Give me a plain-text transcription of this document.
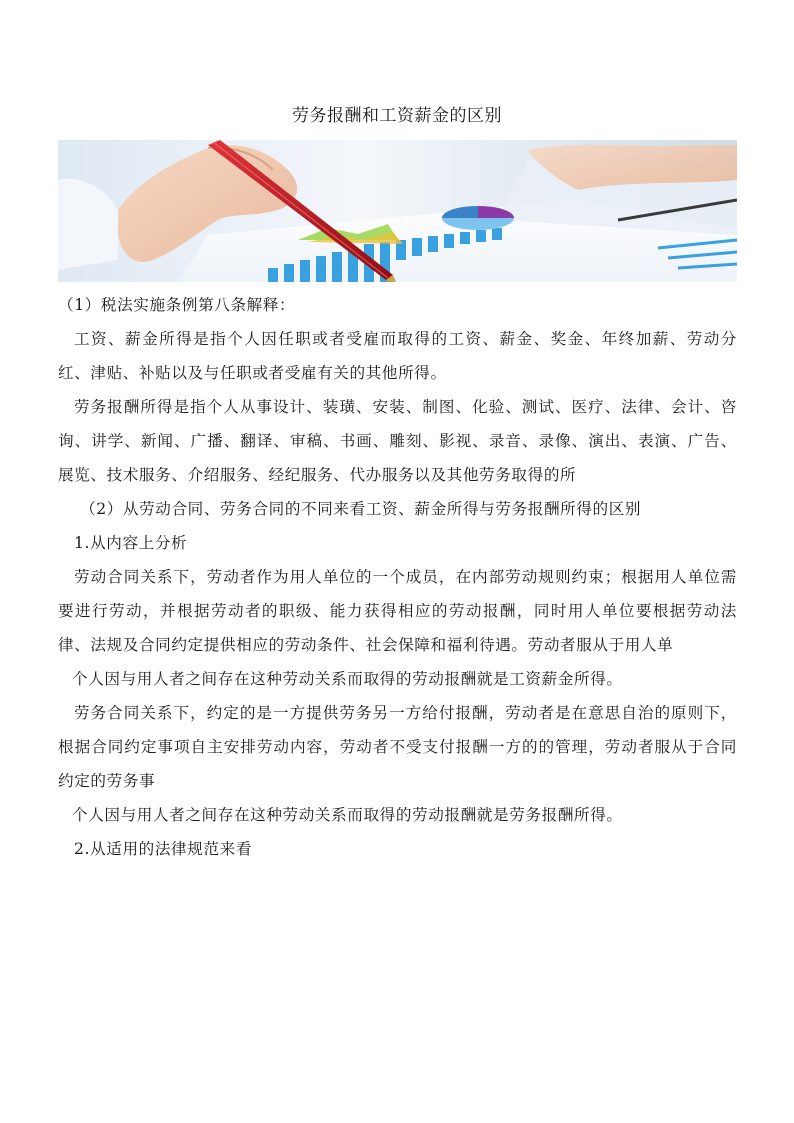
劳务报酬和工资薪金的区别

（1）税法实施条例第八条解释：

工资、薪金所得是指个人因任职或者受雇而取得的工资、薪金、奖金、年终加薪、劳动分红、津贴、补贴以及与任职或者受雇有关的其他所得。

劳务报酬所得是指个人从事设计、装璜、安装、制图、化验、测试、医疗、法律、会计、咨询、讲学、新闻、广播、翻译、审稿、书画、雕刻、影视、录音、录像、演出、表演、广告、展览、技术服务、介绍服务、经纪服务、代办服务以及其他劳务取得的所

（2）从劳动合同、劳务合同的不同来看工资、薪金所得与劳务报酬所得的区别

1.从内容上分析

劳动合同关系下，劳动者作为用人单位的一个成员，在内部劳动规则约束；根据用人单位需要进行劳动，并根据劳动者的职级、能力获得相应的劳动报酬，同时用人单位要根据劳动法律、法规及合同约定提供相应的劳动条件、社会保障和福利待遇。劳动者服从于用人单

个人因与用人者之间存在这种劳动关系而取得的劳动报酬就是工资薪金所得。

劳务合同关系下，约定的是一方提供劳务另一方给付报酬，劳动者是在意思自治的原则下，根据合同约定事项自主安排劳动内容，劳动者不受支付报酬一方的的管理，劳动者服从于合同约定的劳务事

个人因与用人者之间存在这种劳动关系而取得的劳动报酬就是劳务报酬所得。

2.从适用的法律规范来看
